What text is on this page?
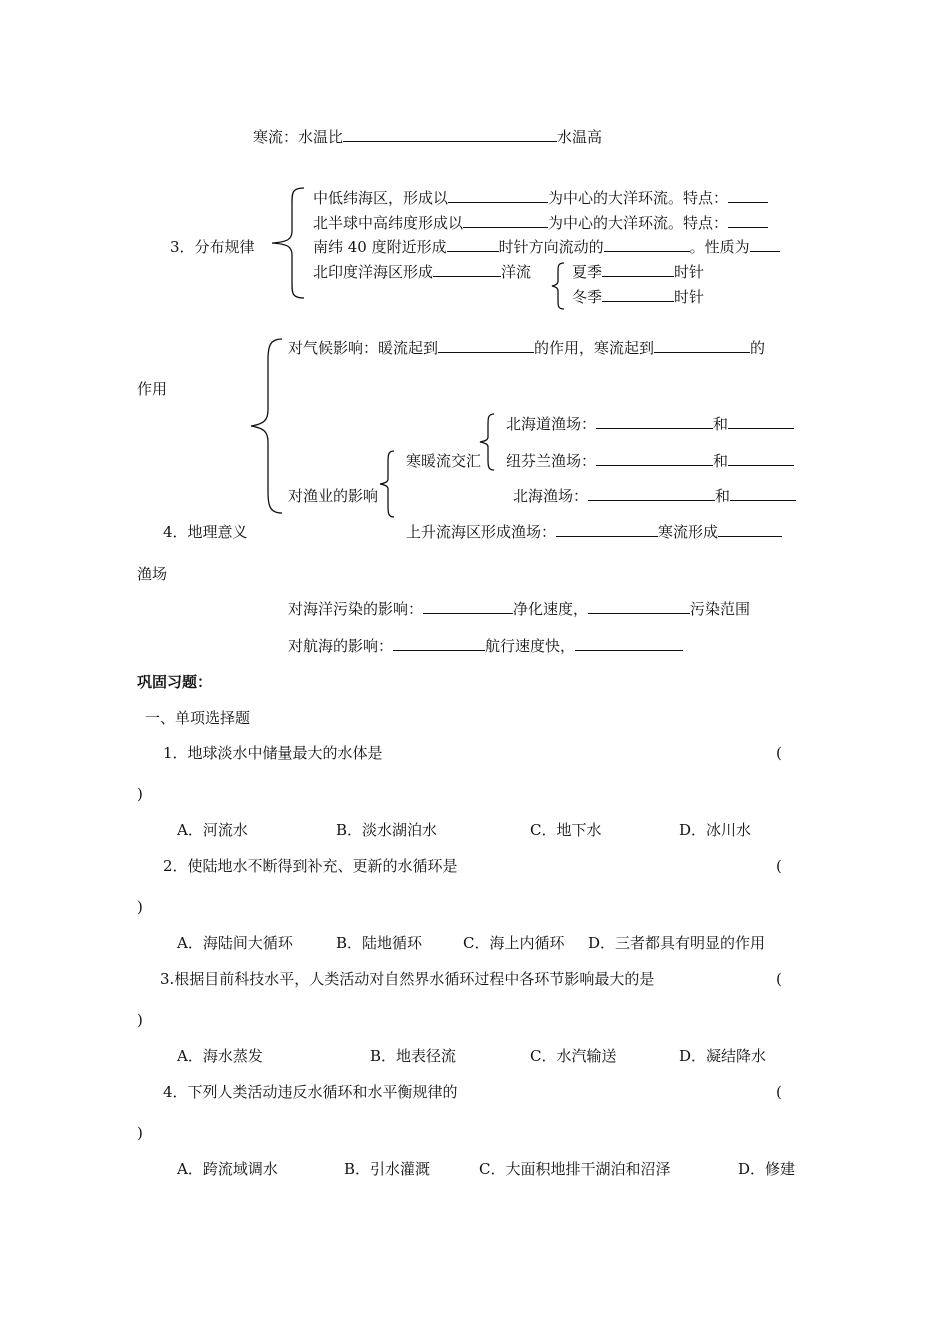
寒流：水温比	水温高
3．分布规律
中低纬海区，形成以	为中心的大洋环流。特点：
北半球中高纬度形成以	为中心的大洋环流。特点：
南纬 40 度附近形成	时针方向流动的	。性质为
北印度洋海区形成	洋流	夏季	时针
冬季	时针
对气候影响：暖流起到	的作用，寒流起到	的
作用
北海道渔场：	和
寒暖流交汇 纽芬兰渔场：	和
对渔业的影响	北海渔场：	和
4．地理意义	上升流海区形成渔场：	寒流形成
渔场
对海洋污染的影响：	净化速度，	污染范围
对航海的影响：	航行速度快，
巩固习题：
一、单项选择题
1．地球淡水中储量最大的水体是	(
)
A．河流水	B．淡水湖泊水	C．地下水	D．冰川水
2．使陆地水不断得到补充、更新的水循环是	(
)
A．海陆间大循环	B．陆地循环	C．海上内循环 D．三者都具有明显的作用
3.根据目前科技水平，人类活动对自然界水循环过程中各环节影响最大的是	(
)
A．海水蒸发	B．地表径流	C．水汽输送	D．凝结降水
4．下列人类活动违反水循环和水平衡规律的	(
)
A．跨流域调水	B．引水灌溉	C．大面积地排干湖泊和沼泽	D．修建
